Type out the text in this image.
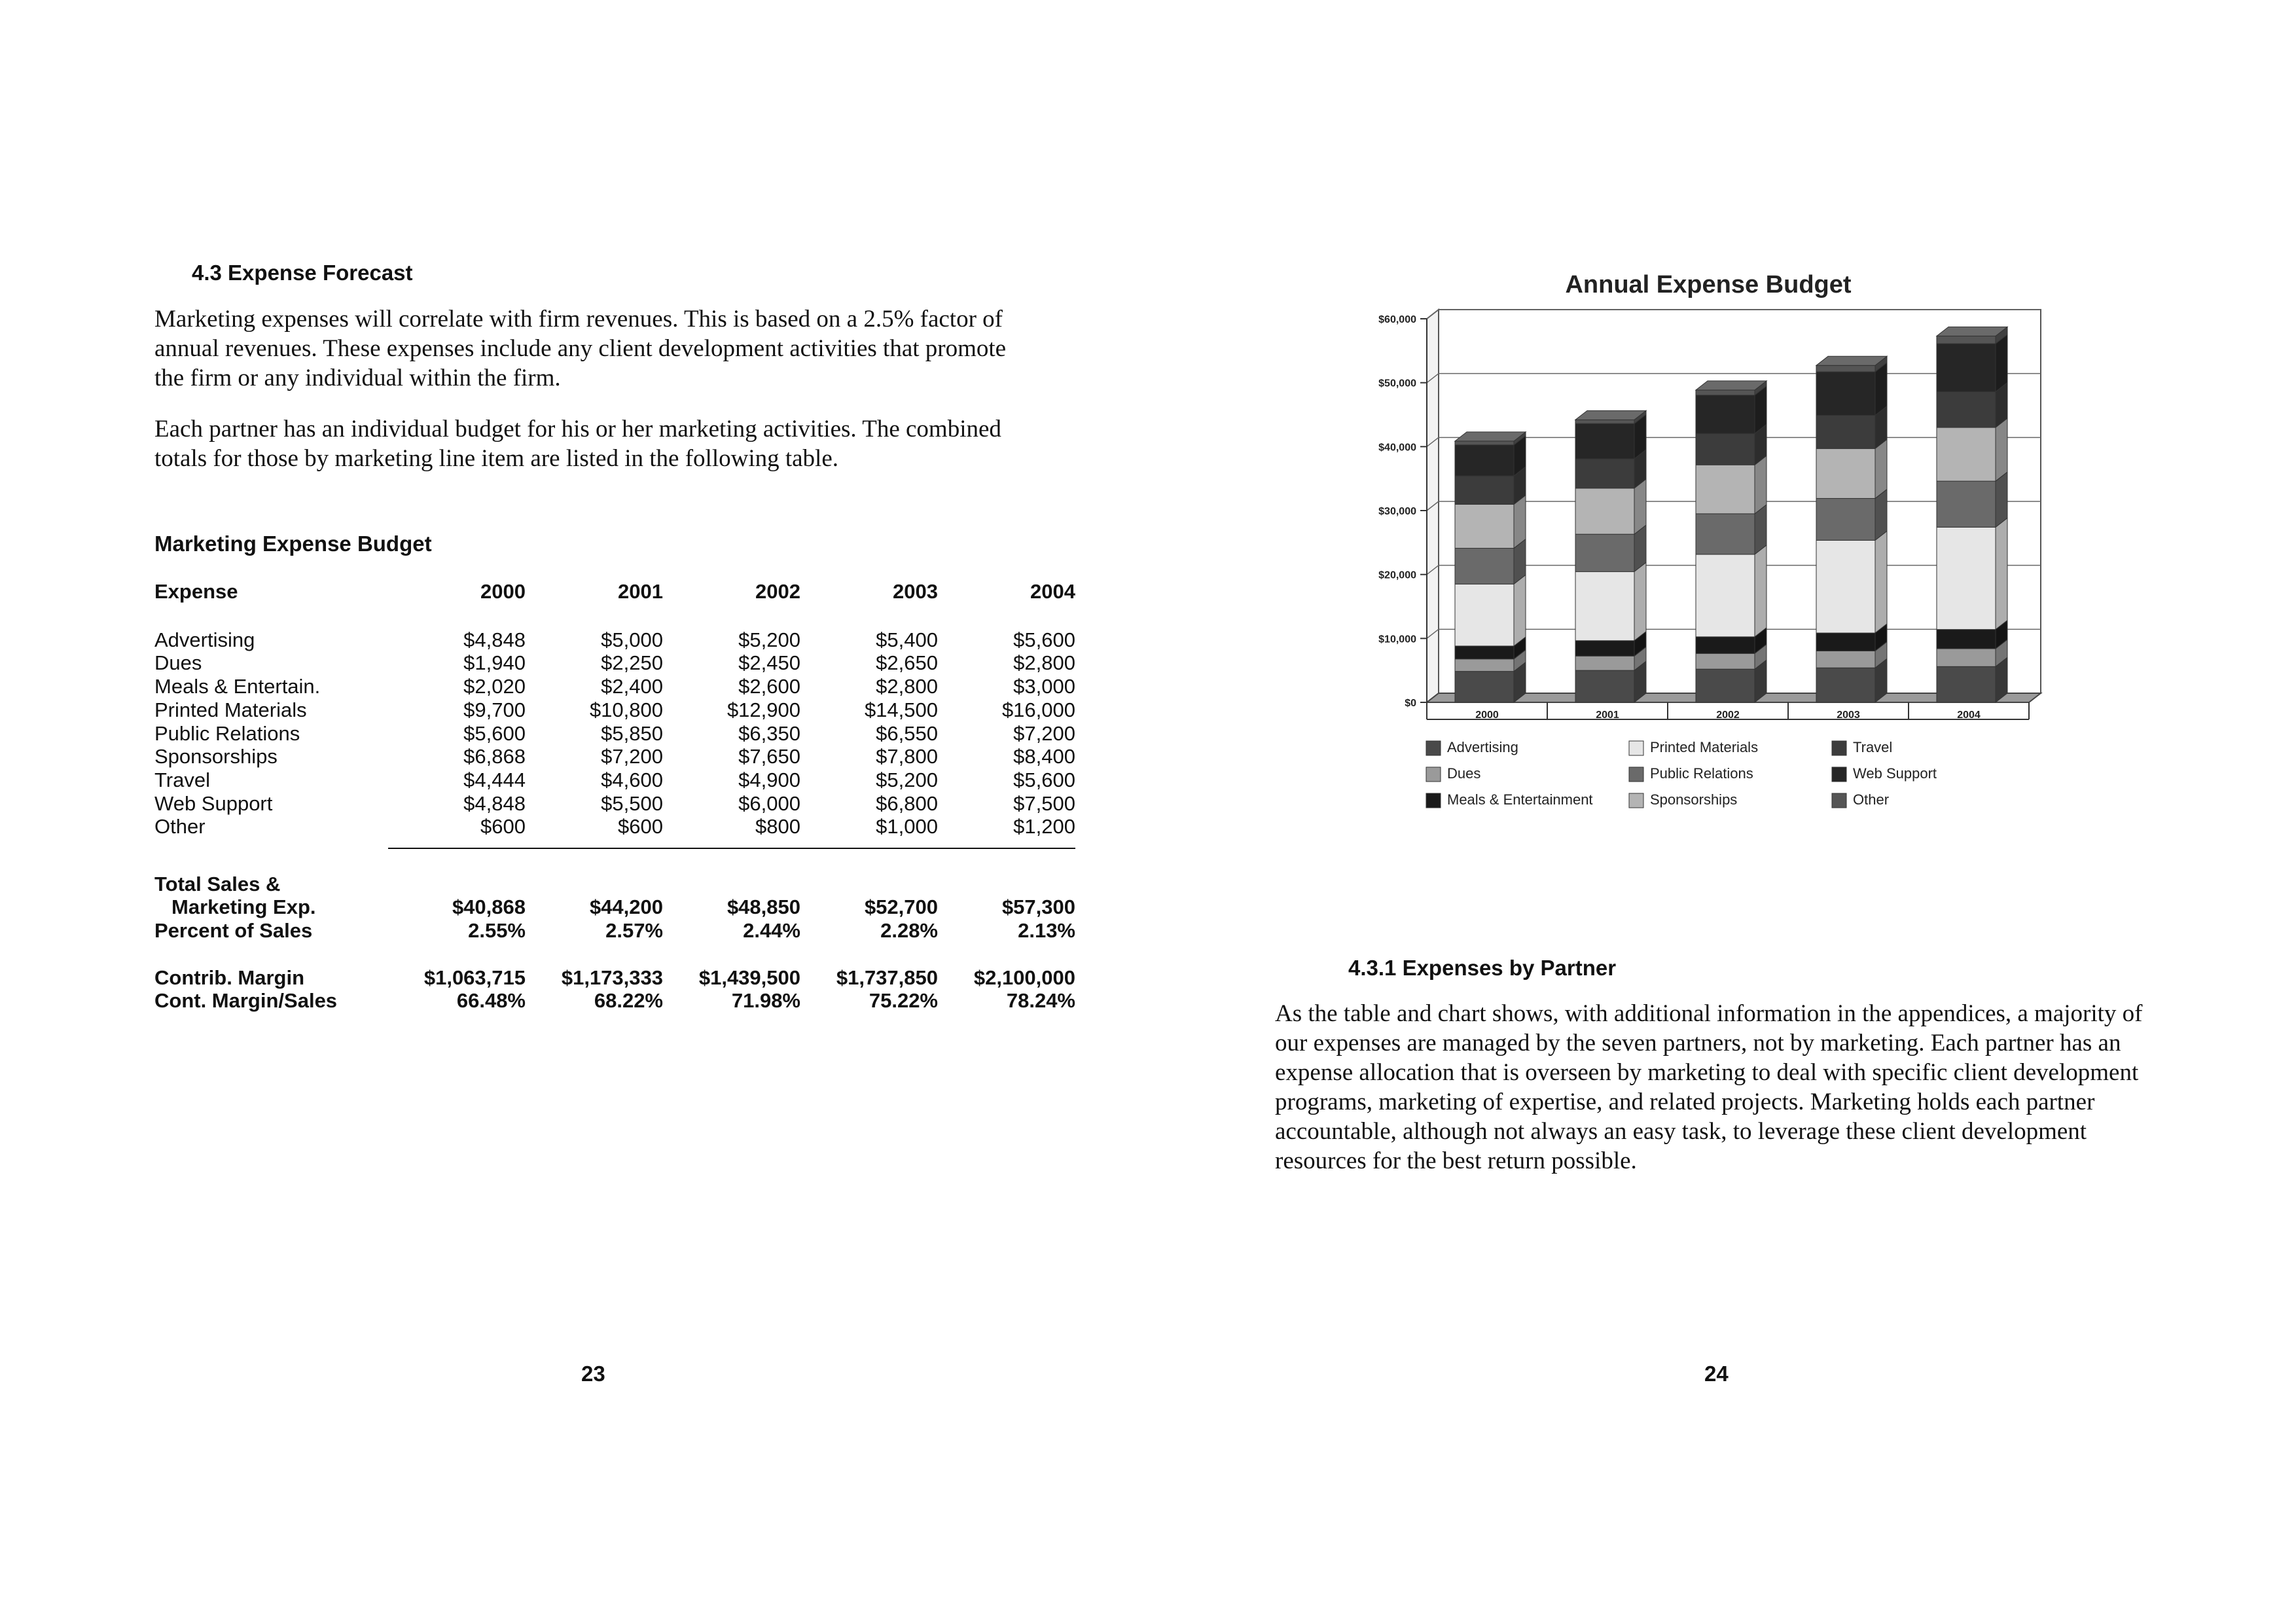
4.3 Expense Forecast
Marketing expenses will correlate with firm revenues. This is based on a 2.5% factor of annual revenues. These expenses include any client development activities that promote the firm or any individual within the firm.
Each partner has an individual budget for his or her marketing activities. The combined totals for those by marketing line item are listed in the following table.
Marketing Expense Budget
Expense	2000	2001	2002	2003	2004

Advertising	$4,848	$5,000	$5,200	$5,400	$5,600
Dues	$1,940	$2,250	$2,450	$2,650	$2,800
Meals & Entertain.	$2,020	$2,400	$2,600	$2,800	$3,000
Printed Materials	$9,700	$10,800	$12,900	$14,500	$16,000
Public Relations	$5,600	$5,850	$6,350	$6,550	$7,200
Sponsorships	$6,868	$7,200	$7,650	$7,800	$8,400
Travel	$4,444	$4,600	$4,900	$5,200	$5,600
Web Support	$4,848	$5,500	$6,000	$6,800	$7,500
Other	$600	$600	$800	$1,000	$1,200

Total Sales &					
Marketing Exp.	$40,868	$44,200	$48,850	$52,700	$57,300
Percent of Sales	2.55%	2.57%	2.44%	2.28%	2.13%

Contrib. Margin	$1,063,715	$1,173,333	$1,439,500	$1,737,850	$2,100,000
Cont. Margin/Sales	66.48%	68.22%	71.98%	75.22%	78.24%
23
Annual Expense Budget
$0
$10,000
$20,000
$30,000
$40,000
$50,000
$60,000
2000	2001	2002	2003	2004
Advertising
Dues
Meals & Entertainment
Printed Materials
Public Relations
Sponsorships
Travel
Web Support
Other
4.3.1 Expenses by Partner
As the table and chart shows, with additional information in the appendices, a majority of our expenses are managed by the seven partners, not by marketing. Each partner has an expense allocation that is overseen by marketing to deal with specific client development programs, marketing of expertise, and related projects. Marketing holds each partner accountable, although not always an easy task, to leverage these client development resources for the best return possible.
24
